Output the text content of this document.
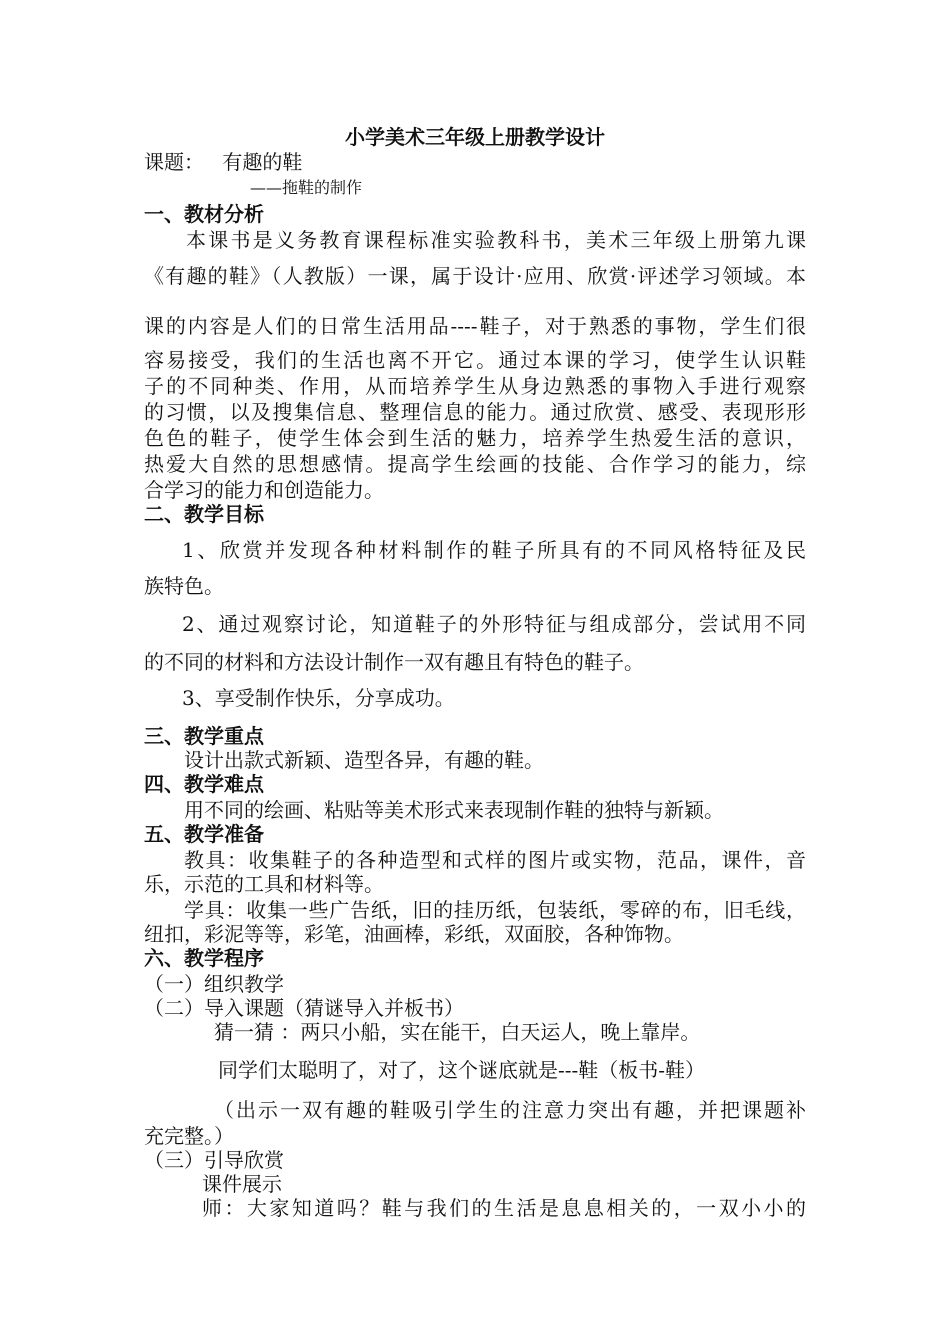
小学美术三年级上册教学设计
课题： 有趣的鞋
——拖鞋的制作
一、教材分析
本课书是义务教育课程标准实验教科书，美术三年级上册第九课
《有趣的鞋》（人教版）一课，属于设计·应用、欣赏·评述学习领域。本
课的内容是人们的日常生活用品----鞋子，对于熟悉的事物，学生们很
容易接受，我们的生活也离不开它。通过本课的学习，使学生认识鞋
子的不同种类、作用，从而培养学生从身边熟悉的事物入手进行观察
的习惯，以及搜集信息、整理信息的能力。通过欣赏、感受、表现形形
色色的鞋子，使学生体会到生活的魅力，培养学生热爱生活的意识，
热爱大自然的思想感情。提高学生绘画的技能、合作学习的能力，综
合学习的能力和创造能力。
二、教学目标
1、欣赏并发现各种材料制作的鞋子所具有的不同风格特征及民
族特色。
2、通过观察讨论，知道鞋子的外形特征与组成部分，尝试用不同
的不同的材料和方法设计制作一双有趣且有特色的鞋子。
3、享受制作快乐，分享成功。
三、教学重点
设计出款式新颖、造型各异，有趣的鞋。
四、教学难点
用不同的绘画、粘贴等美术形式来表现制作鞋的独特与新颖。
五、教学准备
教具：收集鞋子的各种造型和式样的图片或实物，范品，课件，音
乐，示范的工具和材料等。
学具：收集一些广告纸，旧的挂历纸，包装纸，零碎的布，旧毛线，
纽扣，彩泥等等，彩笔，油画棒，彩纸，双面胶，各种饰物。
六、教学程序
（一）组织教学
（二）导入课题（猜谜导入并板书）
猜一猜 ：两只小船，实在能干，白天运人，晚上靠岸。
同学们太聪明了，对了，这个谜底就是---鞋（板书-鞋）
（出示一双有趣的鞋吸引学生的注意力突出有趣，并把课题补
充完整。）
（三）引导欣赏
课件展示
师：大家知道吗？鞋与我们的生活是息息相关的，一双小小的
